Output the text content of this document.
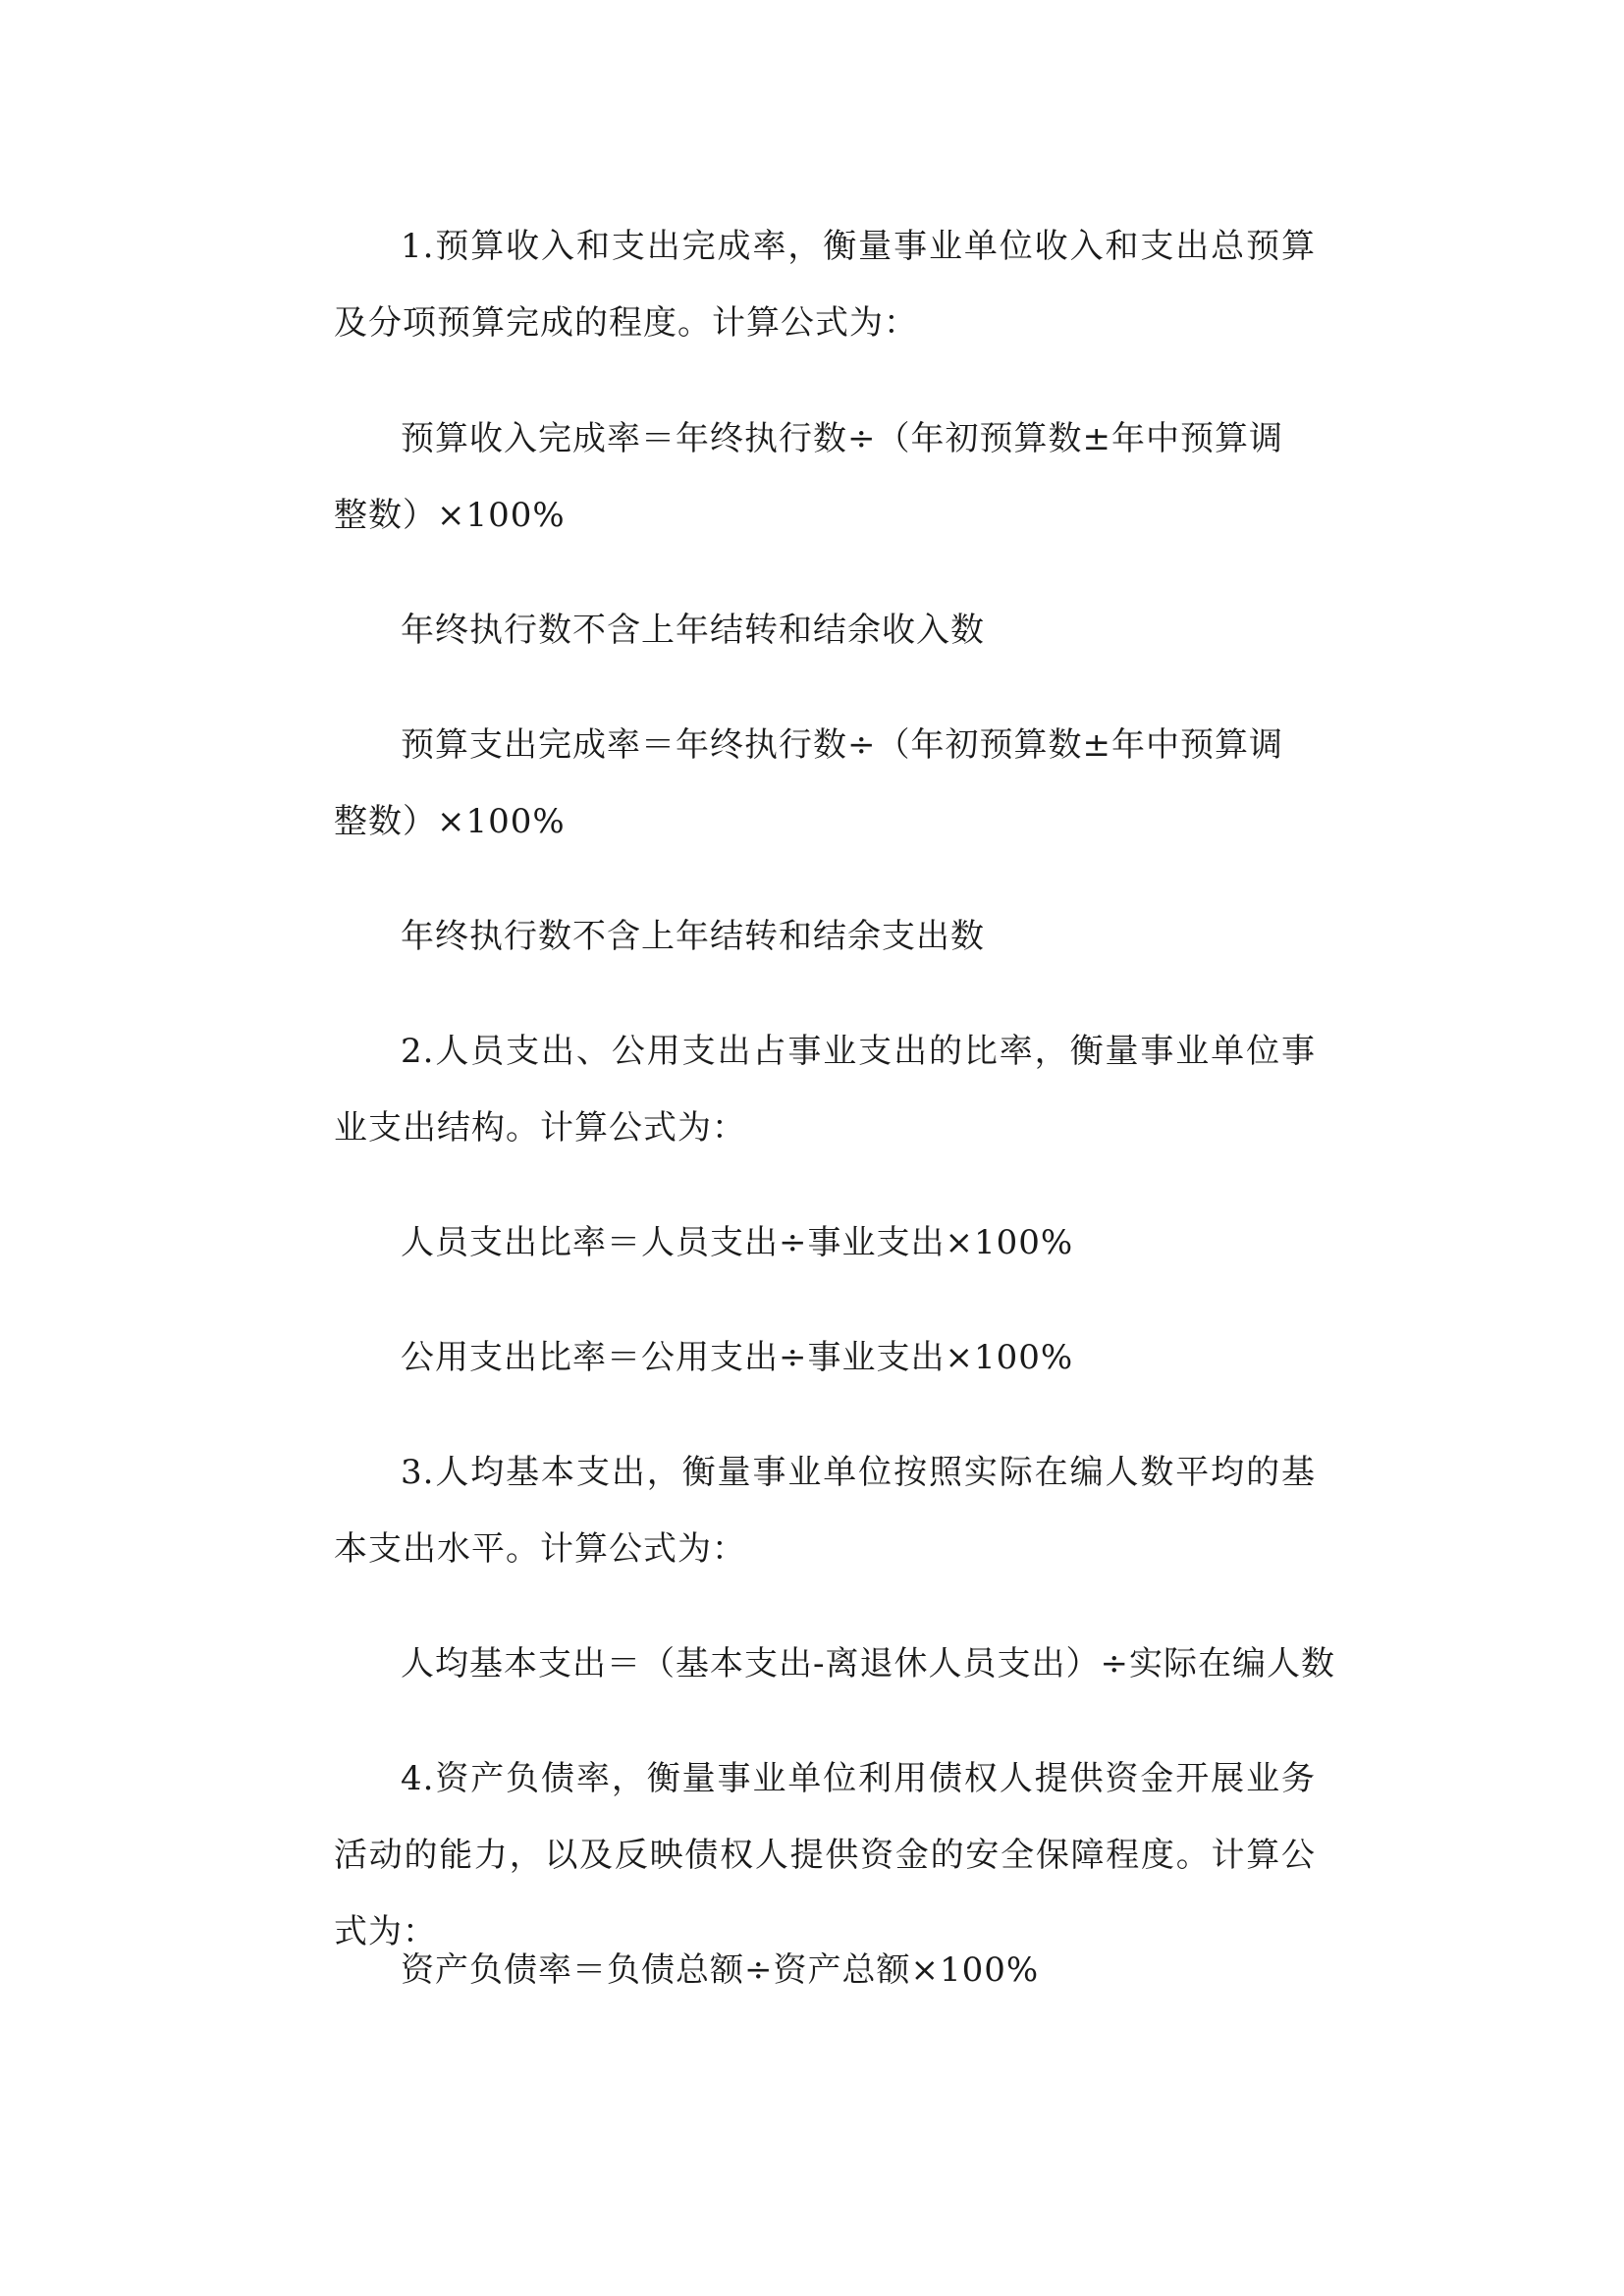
1.预算收入和支出完成率，衡量事业单位收入和支出总预算及分项预算完成的程度。计算公式为：

预算收入完成率＝年终执行数÷（年初预算数±年中预算调整数）×100%

年终执行数不含上年结转和结余收入数

预算支出完成率＝年终执行数÷（年初预算数±年中预算调整数）×100%

年终执行数不含上年结转和结余支出数

2.人员支出、公用支出占事业支出的比率，衡量事业单位事业支出结构。计算公式为：

人员支出比率＝人员支出÷事业支出×100%

公用支出比率＝公用支出÷事业支出×100%

3.人均基本支出，衡量事业单位按照实际在编人数平均的基本支出水平。计算公式为：

人均基本支出＝（基本支出-离退休人员支出）÷实际在编人数

4.资产负债率，衡量事业单位利用债权人提供资金开展业务活动的能力，以及反映债权人提供资金的安全保障程度。计算公式为：

资产负债率＝负债总额÷资产总额×100%
